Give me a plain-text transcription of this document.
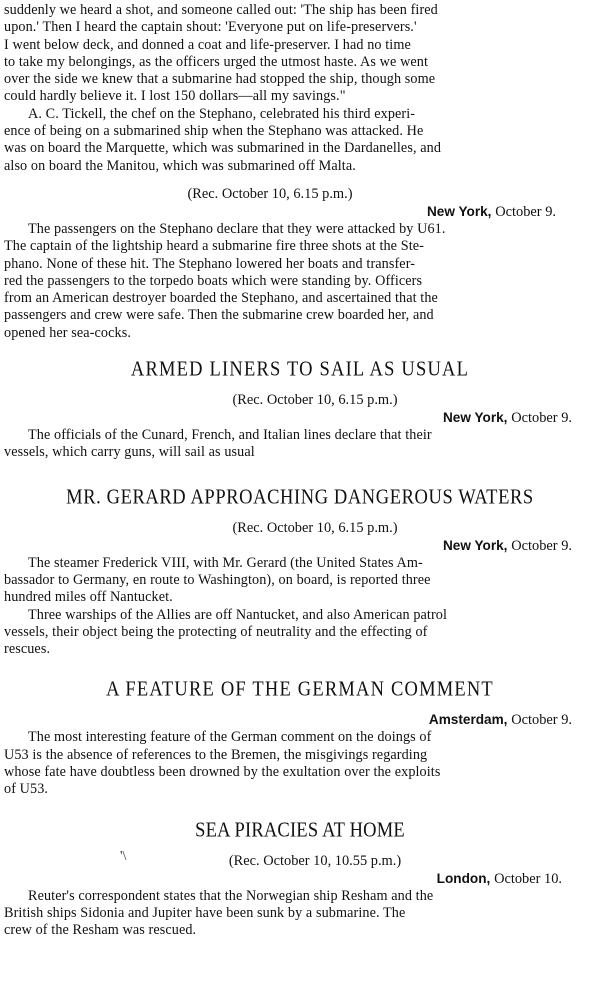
suddenly we heard a shot, and someone called out: 'The ship has been fired
upon.' Then I heard the captain shout: 'Everyone put on life-preservers.'
I went below deck, and donned a coat and life-preserver. I had no time
to take my belongings, as the officers urged the utmost haste. As we went
over the side we knew that a submarine had stopped the ship, though some
could hardly believe it. I lost 150 dollars—all my savings."

A. C. Tickell, the chef on the Stephano, celebrated his third experi-
ence of being on a submarined ship when the Stephano was attacked. He
was on board the Marquette, which was submarined in the Dardanelles, and
also on board the Manitou, which was submarined off Malta.

(Rec. October 10, 6.15 p.m.)

New York, October 9.

The passengers on the Stephano declare that they were attacked by U61.
The captain of the lightship heard a submarine fire three shots at the Ste-
phano. None of these hit. The Stephano lowered her boats and transfer-
red the passengers to the torpedo boats which were standing by. Officers
from an American destroyer boarded the Stephano, and ascertained that the
passengers and crew were safe. Then the submarine crew boarded her, and
opened her sea-cocks.
ARMED LINERS TO SAIL AS USUAL

(Rec. October 10, 6.15 p.m.)

New York, October 9.

The officials of the Cunard, French, and Italian lines declare that their
vessels, which carry guns, will sail as usual
MR. GERARD APPROACHING DANGEROUS WATERS

(Rec. October 10, 6.15 p.m.)

New York, October 9.

The steamer Frederick VIII, with Mr. Gerard (the United States Am-
bassador to Germany, en route to Washington), on board, is reported three
hundred miles off Nantucket.
Three warships of the Allies are off Nantucket, and also American patrol
vessels, their object being the protecting of neutrality and the effecting of
rescues.
A FEATURE OF THE GERMAN COMMENT

Amsterdam, October 9.

The most interesting feature of the German comment on the doings of
U53 is the absence of references to the Bremen, the misgivings regarding
whose fate have doubtless been drowned by the exultation over the exploits
of U53.
SEA PIRACIES AT HOME
'\	(Rec. October 10, 10.55 p.m.)

London, October 10.

Reuter's correspondent states that the Norwegian ship Resham and the
British ships Sidonia and Jupiter have been sunk by a submarine. The
crew of the Resham was rescued.
